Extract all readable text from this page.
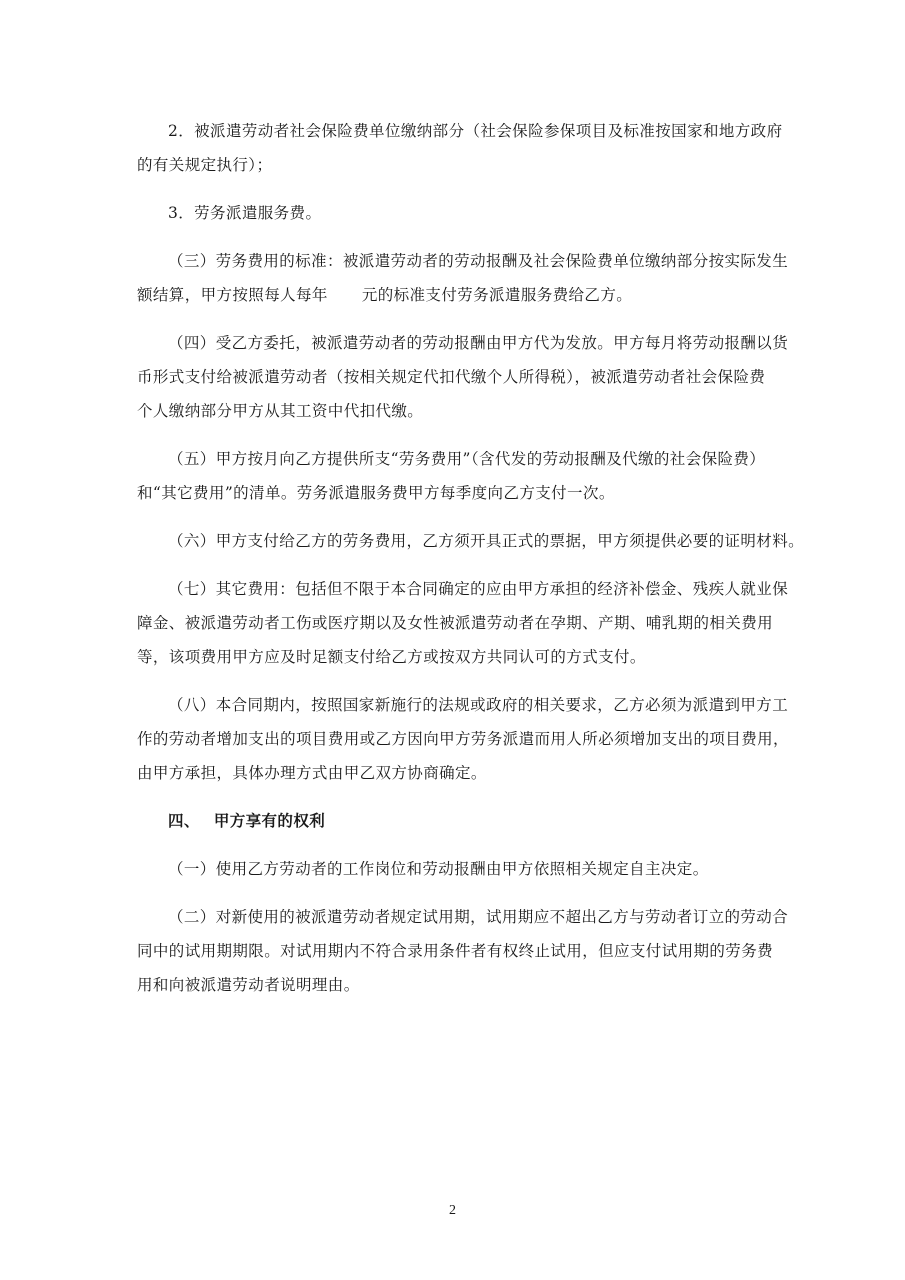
2．被派遣劳动者社会保险费单位缴纳部分（社会保险参保项目及标准按国家和地方政府
的有关规定执行）；
3．劳务派遣服务费。
（三）劳务费用的标准：被派遣劳动者的劳动报酬及社会保险费单位缴纳部分按实际发生
额结算，甲方按照每人每年 元的标准支付劳务派遣服务费给乙方。
（四）受乙方委托，被派遣劳动者的劳动报酬由甲方代为发放。甲方每月将劳动报酬以货
币形式支付给被派遣劳动者（按相关规定代扣代缴个人所得税），被派遣劳动者社会保险费
个人缴纳部分甲方从其工资中代扣代缴。
（五）甲方按月向乙方提供所支“劳务费用”（含代发的劳动报酬及代缴的社会保险费）
和“其它费用”的清单。劳务派遣服务费甲方每季度向乙方支付一次。
（六）甲方支付给乙方的劳务费用，乙方须开具正式的票据，甲方须提供必要的证明材料。
（七）其它费用：包括但不限于本合同确定的应由甲方承担的经济补偿金、残疾人就业保
障金、被派遣劳动者工伤或医疗期以及女性被派遣劳动者在孕期、产期、哺乳期的相关费用
等，该项费用甲方应及时足额支付给乙方或按双方共同认可的方式支付。
（八）本合同期内，按照国家新施行的法规或政府的相关要求，乙方必须为派遣到甲方工
作的劳动者增加支出的项目费用或乙方因向甲方劳务派遣而用人所必须增加支出的项目费用，
由甲方承担，具体办理方式由甲乙双方协商确定。
四、 甲方享有的权利
（一）使用乙方劳动者的工作岗位和劳动报酬由甲方依照相关规定自主决定。
（二）对新使用的被派遣劳动者规定试用期，试用期应不超出乙方与劳动者订立的劳动合
同中的试用期期限。对试用期内不符合录用条件者有权终止试用，但应支付试用期的劳务费
用和向被派遣劳动者说明理由。
2
